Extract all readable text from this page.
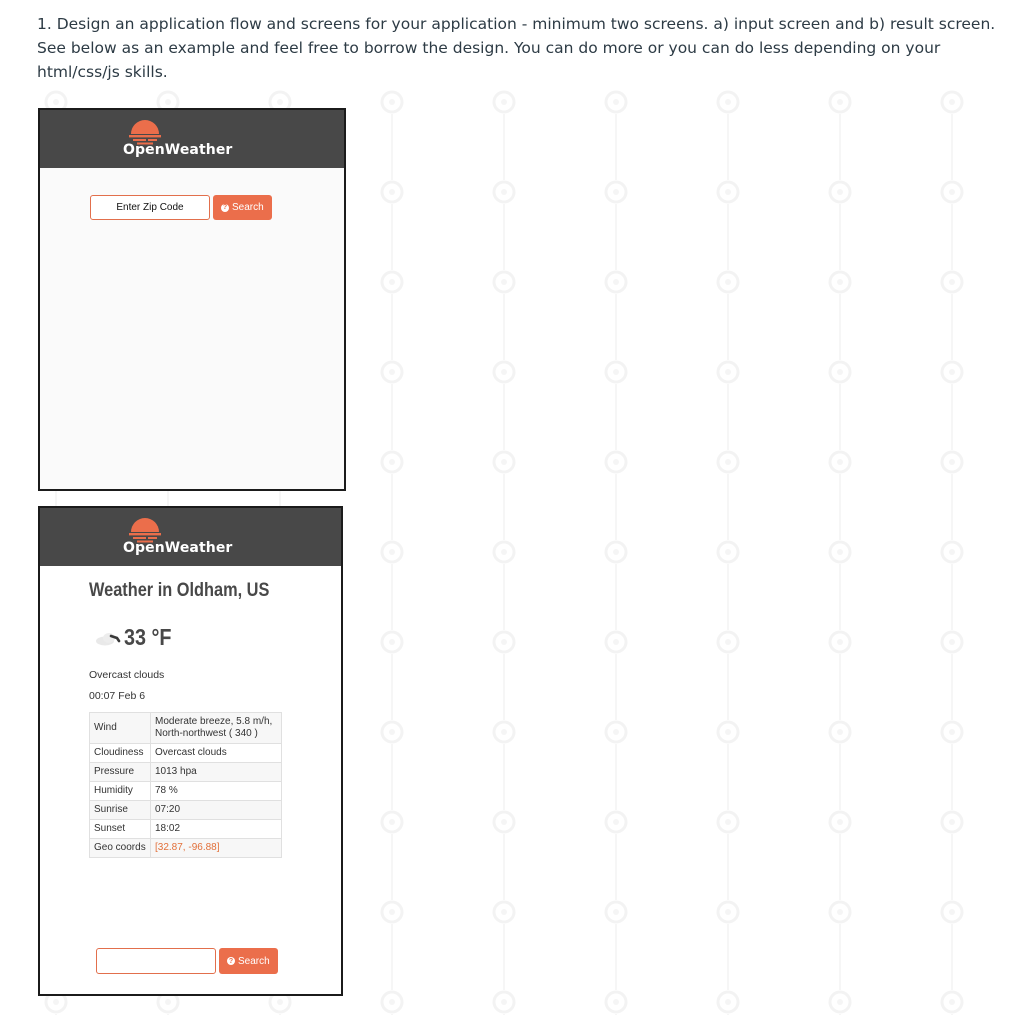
1. Design an application flow and screens for your application - minimum two screens. a) input screen and b) result screen. See below as an example and feel free to borrow the design. You can do more or you can do less depending on your html/css/js skills.

OpenWeather
Enter Zip Code
? Search
OpenWeather
Weather in Oldham, US
33 °F
Overcast clouds
00:07 Feb 6
Wind	Moderate breeze, 5.8 m/h, North-northwest ( 340 )
Cloudiness	Overcast clouds
Pressure	1013 hpa
Humidity	78 %
Sunrise	07:20
Sunset	18:02
Geo coords	[32.87, -96.88]
? Search
